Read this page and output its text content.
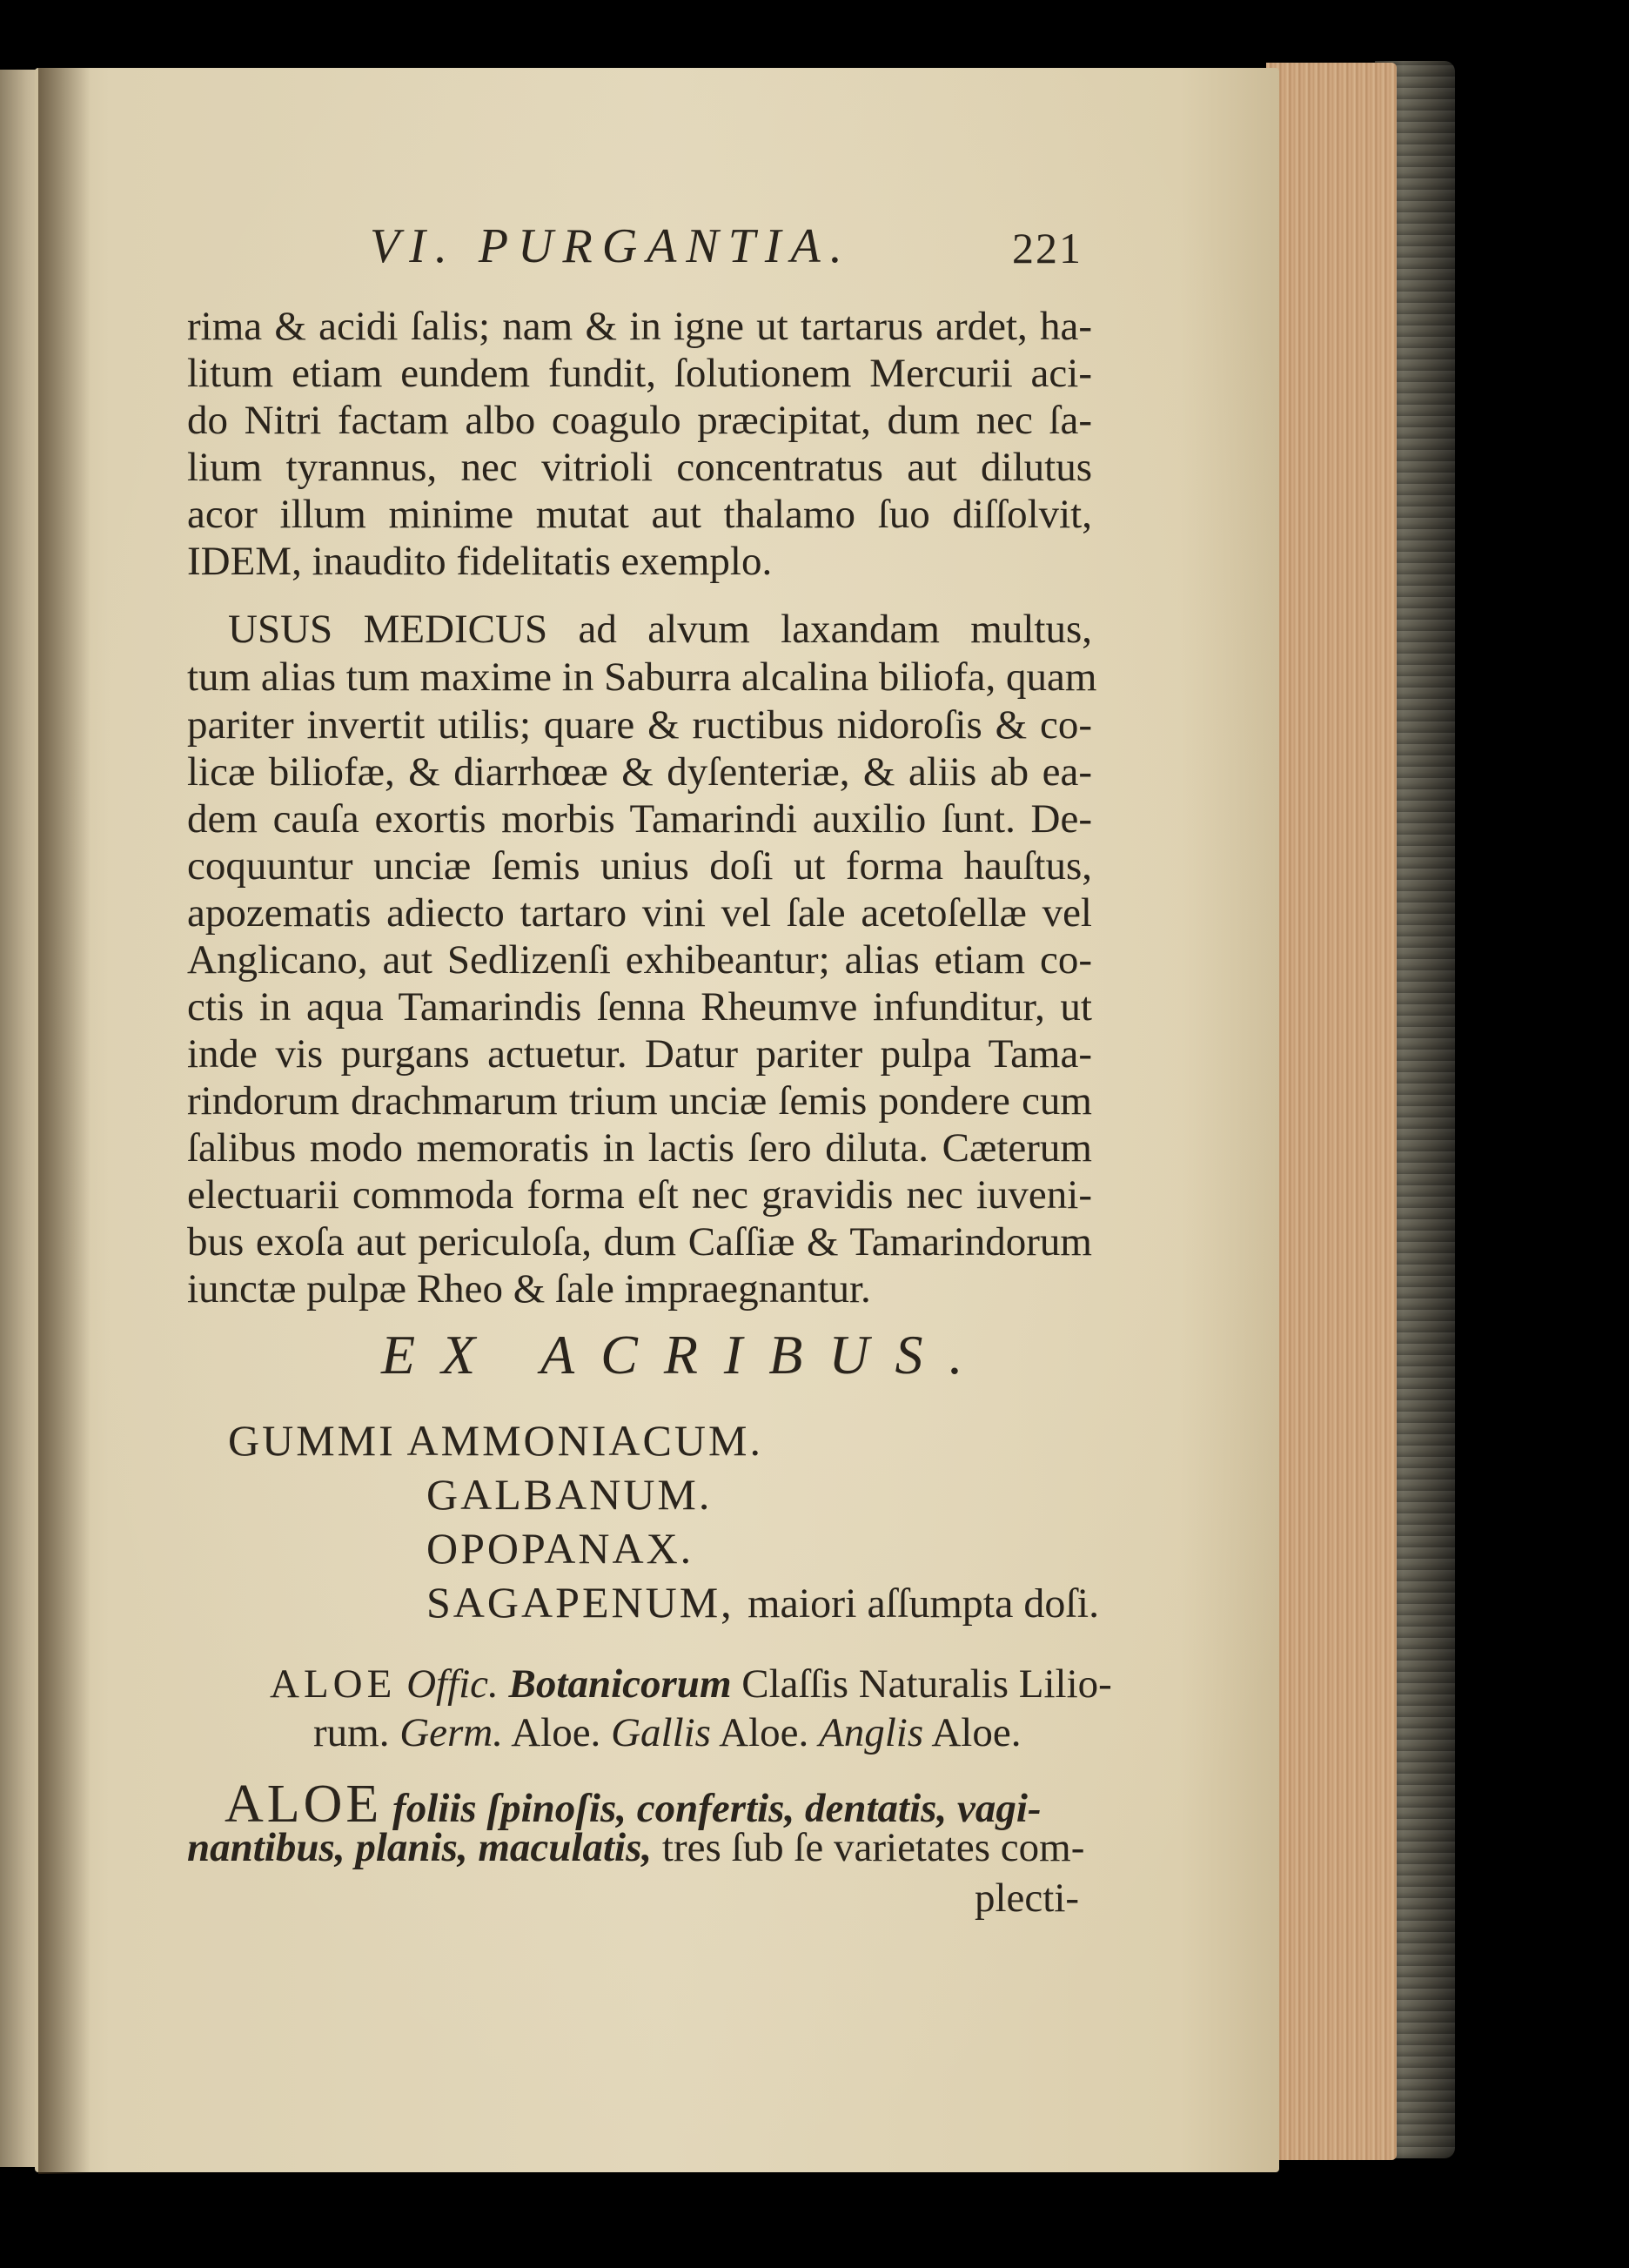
VI. PURGANTIA.	221
rima & acidi ſalis; nam & in igne ut tartarus ardet, ha-
litum etiam eundem fundit, ſolutionem Mercurii aci-
do Nitri factam albo coagulo præcipitat, dum nec ſa-
lium tyrannus, nec vitrioli concentratus aut dilutus
acor illum minime mutat aut thalamo ſuo diſſolvit,
IDEM, inaudito fidelitatis exemplo.
USUS MEDICUS ad alvum laxandam multus,
tum alias tum maxime in Saburra alcalina biliofa, quam
pariter invertit utilis; quare & ructibus nidoroſis & co-
licæ biliofæ, & diarrhœæ & dyſenteriæ, & aliis ab ea-
dem cauſa exortis morbis Tamarindi auxilio ſunt. De-
coquuntur unciæ ſemis unius doſi ut forma hauſtus,
apozematis adiecto tartaro vini vel ſale acetoſellæ vel
Anglicano, aut Sedlizenſi exhibeantur; alias etiam co-
ctis in aqua Tamarindis ſenna Rheumve infunditur, ut
inde vis purgans actuetur. Datur pariter pulpa Tama-
rindorum drachmarum trium unciæ ſemis pondere cum
ſalibus modo memoratis in lactis ſero diluta. Cæterum
electuarii commoda forma eſt nec gravidis nec iuveni-
bus exoſa aut periculoſa, dum Caſſiæ & Tamarindorum
iunctæ pulpæ Rheo & ſale impraegnantur.
EX ACRIBUS.
GUMMI AMMONIACUM.
GALBANUM.
OPOPANAX.
SAGAPENUM, maiori aſſumpta doſi.
ALOE Offic. Botanicorum Claſſis Naturalis Lilio-
rum. Germ. Aloe. Gallis Aloe. Anglis Aloe.
ALOE foliis ſpinoſis, confertis, dentatis, vagi-
nantibus, planis, maculatis, tres ſub ſe varietates com-
plecti-
